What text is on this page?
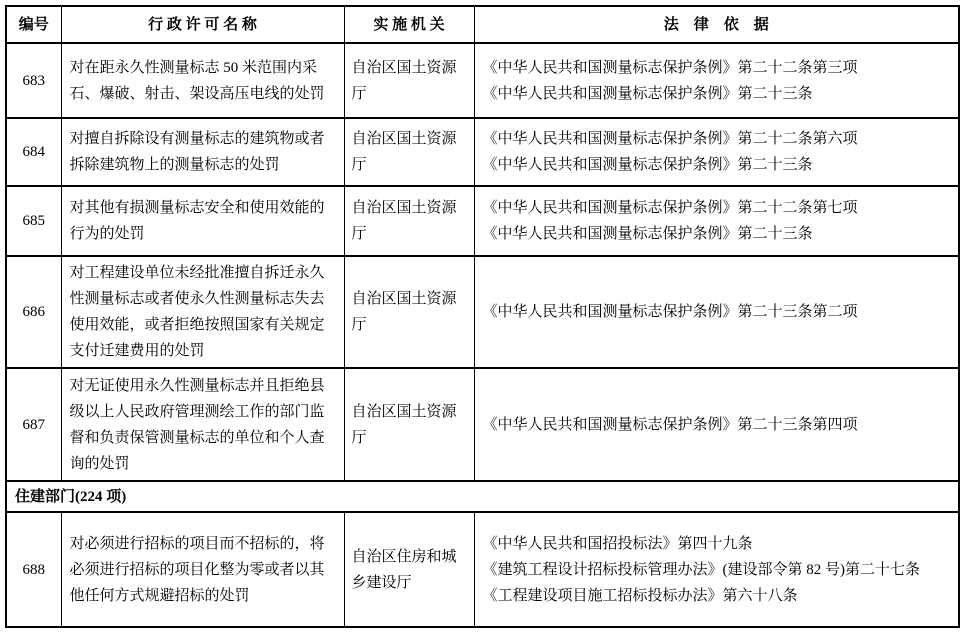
编号	行 政 许 可 名 称	实 施 机 关	法　律　依　据
683	对在距永久性测量标志 50 米范围内采石、爆破、射击、架设高压电线的处罚	自治区国土资源厅	《中华人民共和国测量标志保护条例》第二十二条第三项
《中华人民共和国测量标志保护条例》第二十三条

684	对擅自拆除设有测量标志的建筑物或者拆除建筑物上的测量标志的处罚	自治区国土资源厅	《中华人民共和国测量标志保护条例》第二十二条第六项
《中华人民共和国测量标志保护条例》第二十三条

685	对其他有损测量标志安全和使用效能的行为的处罚	自治区国土资源厅	《中华人民共和国测量标志保护条例》第二十二条第七项
《中华人民共和国测量标志保护条例》第二十三条

686	对工程建设单位未经批准擅自拆迁永久性测量标志或者使永久性测量标志失去使用效能，或者拒绝按照国家有关规定支付迁建费用的处罚	自治区国土资源厅	《中华人民共和国测量标志保护条例》第二十三条第二项

687	对无证使用永久性测量标志并且拒绝县级以上人民政府管理测绘工作的部门监督和负责保管测量标志的单位和个人查询的处罚	自治区国土资源厅	《中华人民共和国测量标志保护条例》第二十三条第四项

住建部门(224 项)			
688	对必须进行招标的项目而不招标的，将必须进行招标的项目化整为零或者以其他任何方式规避招标的处罚	自治区住房和城乡建设厅	《中华人民共和国招投标法》第四十九条
《建筑工程设计招标投标管理办法》(建设部令第 82 号)第二十七条
《工程建设项目施工招标投标办法》第六十八条
